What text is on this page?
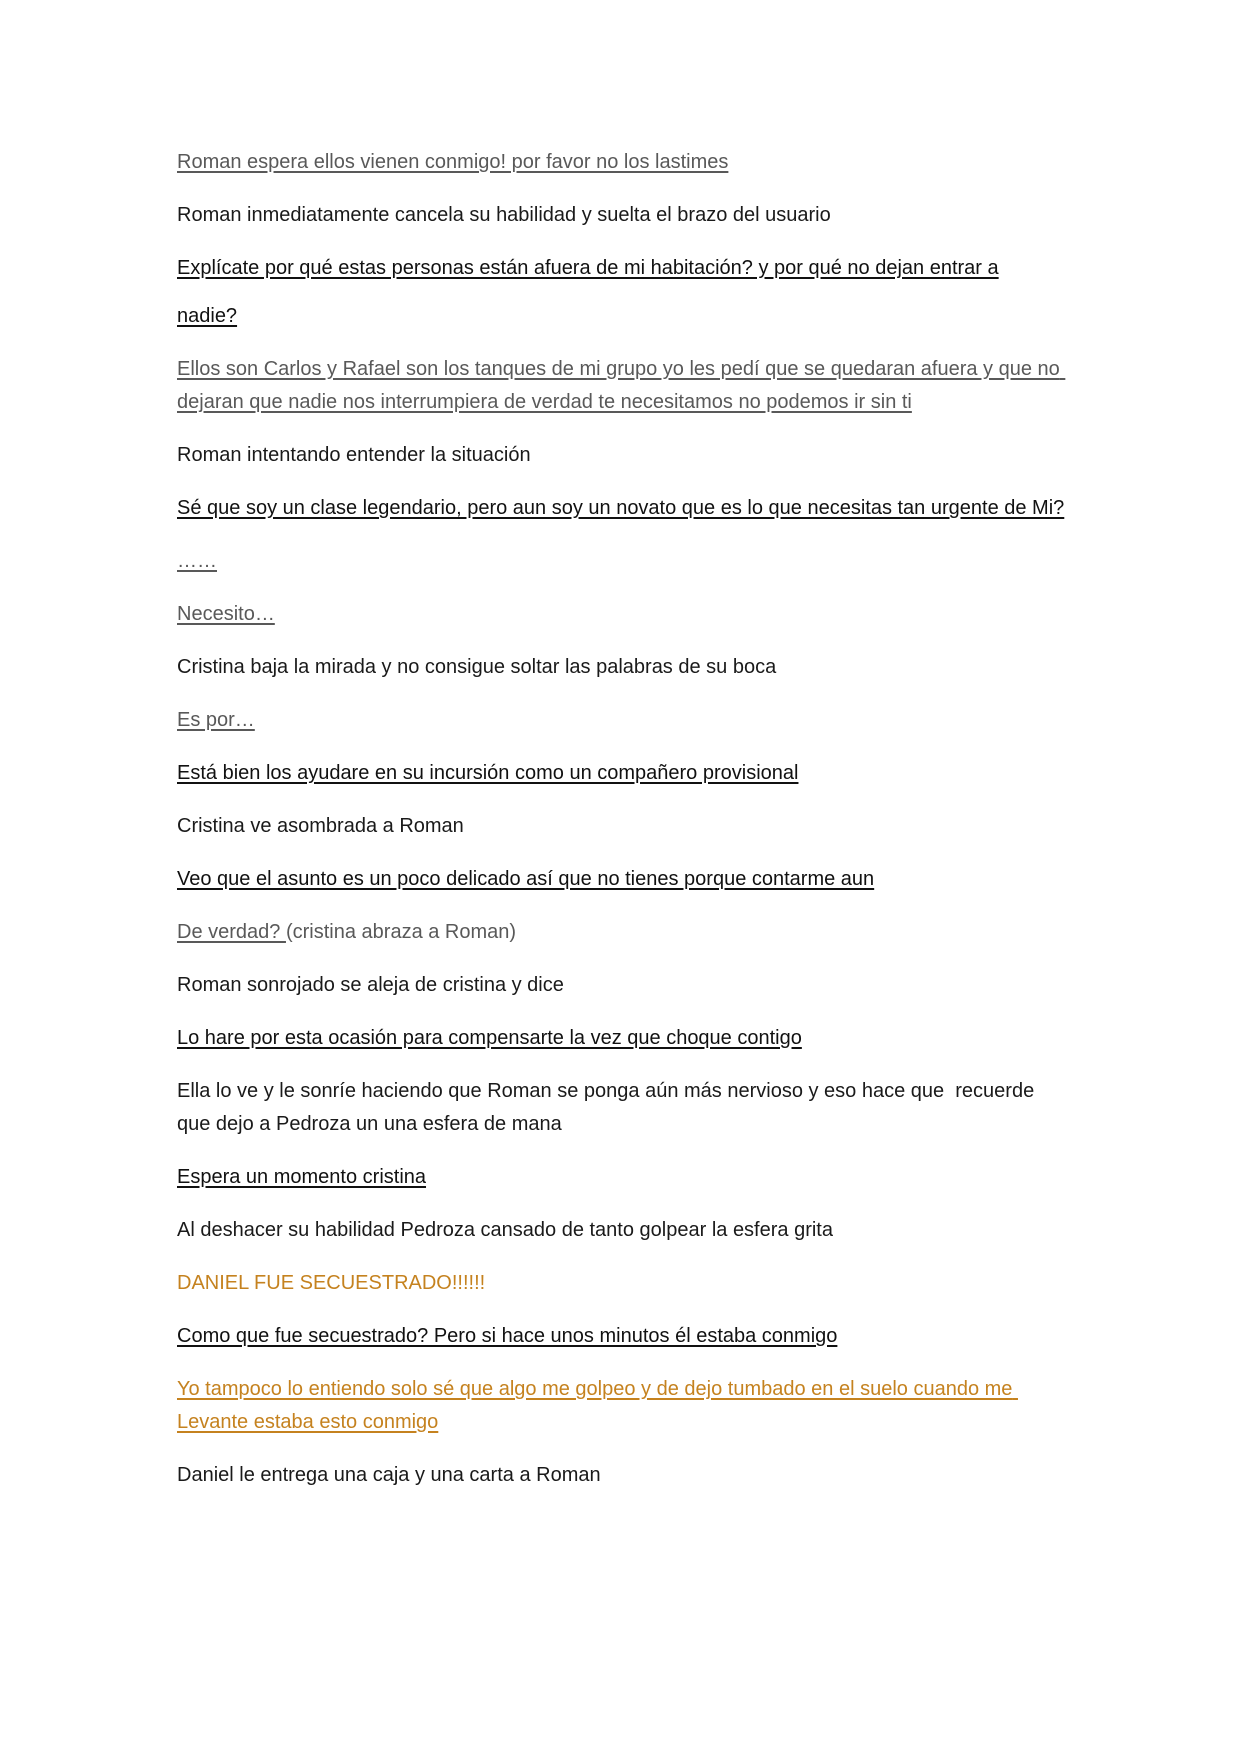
Roman espera ellos vienen conmigo! por favor no los lastimes

Roman inmediatamente cancela su habilidad y suelta el brazo del usuario

Explícate por qué estas personas están afuera de mi habitación? y por qué no dejan entrar a

nadie?

Ellos son Carlos y Rafael son los tanques de mi grupo yo les pedí que se quedaran afuera y que no dejaran que nadie nos interrumpiera de verdad te necesitamos no podemos ir sin ti

Roman intentando entender la situación

Sé que soy un clase legendario, pero aun soy un novato que es lo que necesitas tan urgente de Mi?

……

Necesito…

Cristina baja la mirada y no consigue soltar las palabras de su boca

Es por…

Está bien los ayudare en su incursión como un compañero provisional

Cristina ve asombrada a Roman

Veo que el asunto es un poco delicado así que no tienes porque contarme aun

De verdad? (cristina abraza a Roman)

Roman sonrojado se aleja de cristina y dice

Lo hare por esta ocasión para compensarte la vez que choque contigo

Ella lo ve y le sonríe haciendo que Roman se ponga aún más nervioso y eso hace que  recuerde que dejo a Pedroza un una esfera de mana

Espera un momento cristina

Al deshacer su habilidad Pedroza cansado de tanto golpear la esfera grita

DANIEL FUE SECUESTRADO!!!!!!

Como que fue secuestrado? Pero si hace unos minutos él estaba conmigo

Yo tampoco lo entiendo solo sé que algo me golpeo y de dejo tumbado en el suelo cuando me Levante estaba esto conmigo

Daniel le entrega una caja y una carta a Roman
